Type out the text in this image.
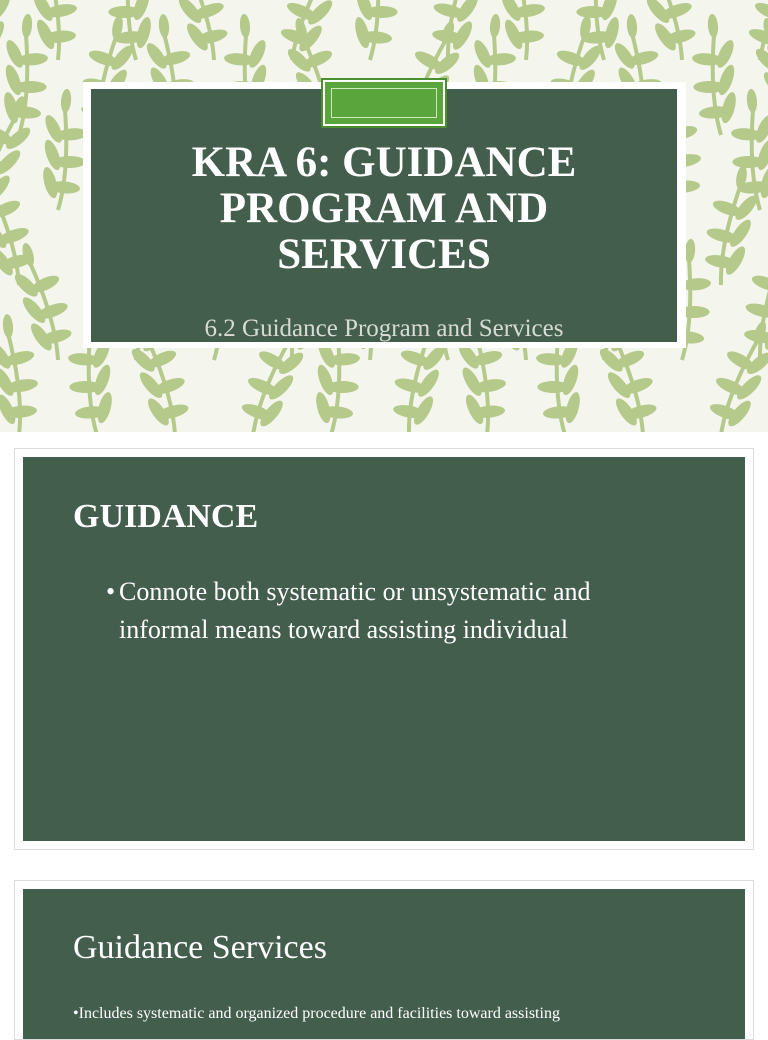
KRA 6: GUIDANCE
PROGRAM AND
SERVICES

6.2 Guidance Program and Services

GUIDANCE
• Connote both systematic or unsystematic and informal means toward assisting individual
Guidance Services
•Includes systematic and organized procedure and facilities toward assisting
